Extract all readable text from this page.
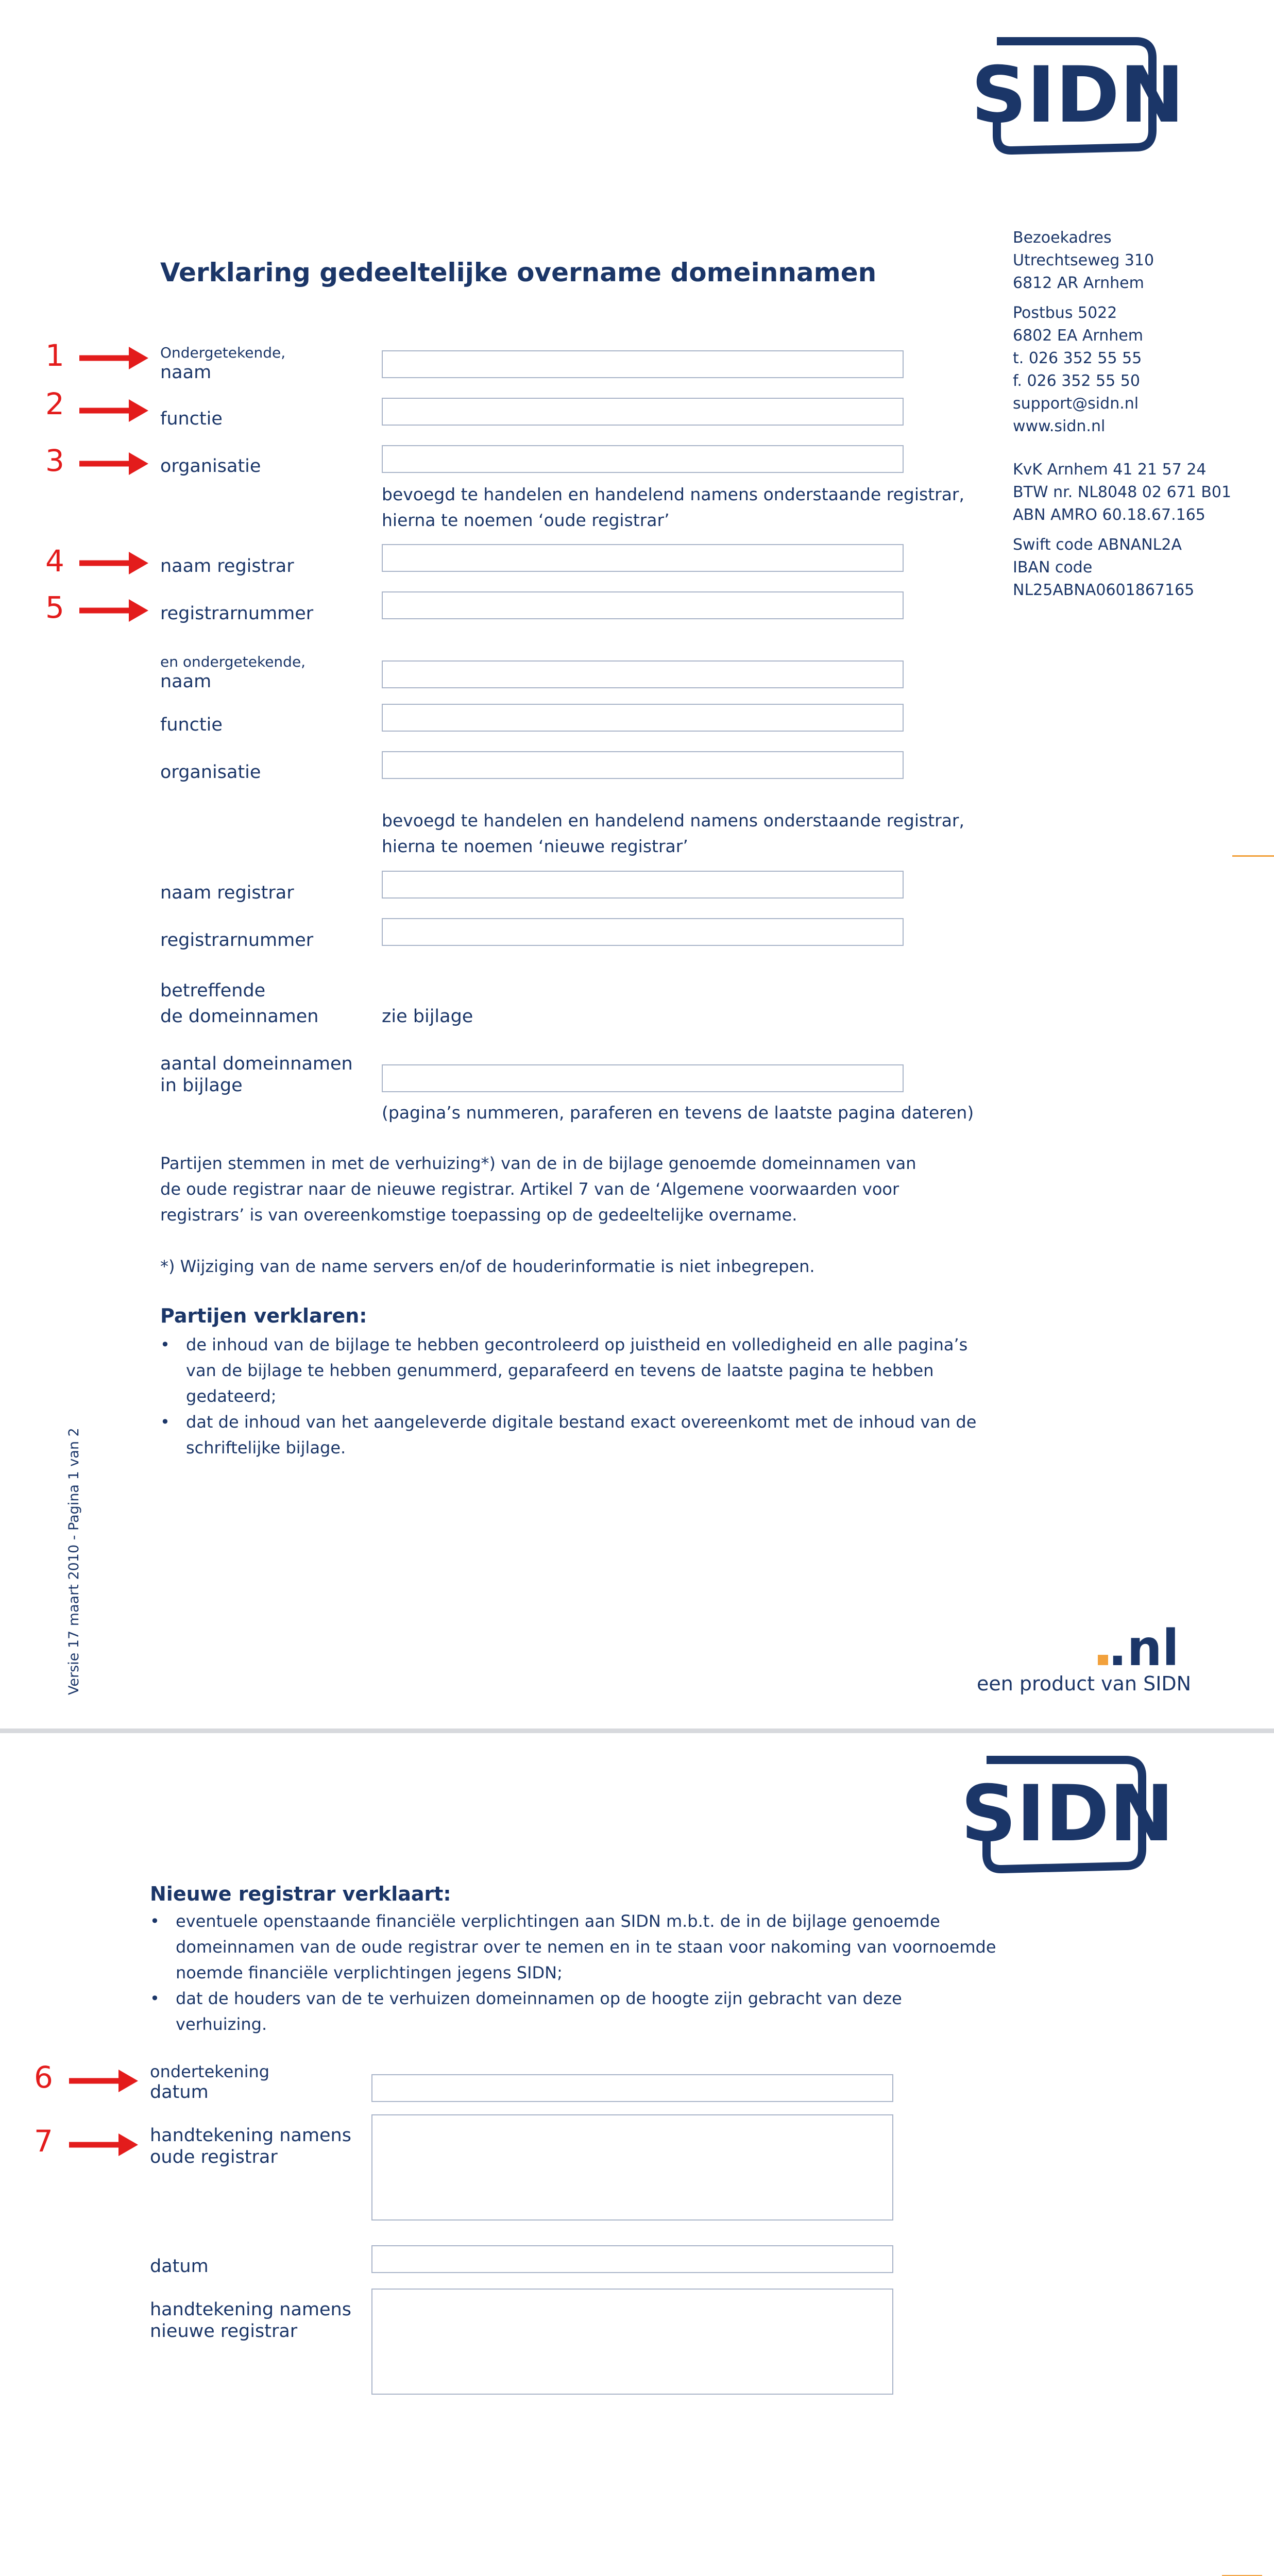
SIDN
Verklaring gedeeltelijke overname domeinnamen
Bezoekadres
Utrechtseweg 310
6812 AR Arnhem
Postbus 5022
6802 EA Arnhem
t. 026 352 55 55
f. 026 352 55 50
support@sidn.nl
www.sidn.nl
KvK Arnhem 41 21 57 24
BTW nr. NL8048 02 671 B01
ABN AMRO 60.18.67.165
Swift code ABNANL2A
IBAN code
NL25ABNA0601867165
1
2
3
4
5
Ondergetekende,
naam
functie
organisatie
bevoegd te handelen en handelend namens onderstaande registrar,
hierna te noemen ‘oude registrar’
naam registrar
registrarnummer
en ondergetekende,
naam
functie
organisatie
bevoegd te handelen en handelend namens onderstaande registrar,
hierna te noemen ‘nieuwe registrar’
naam registrar
registrarnummer
betreffende
de domeinnamen	zie bijlage
aantal domeinnamen
in bijlage
(pagina’s nummeren, paraferen en tevens de laatste pagina dateren)
Partijen stemmen in met de verhuizing*) van de in de bijlage genoemde domeinnamen van
de oude registrar naar de nieuwe registrar. Artikel 7 van de ‘Algemene voorwaarden voor
registrars’ is van overeenkomstige toepassing op de gedeeltelijke overname.
*) Wijziging van de name servers en/of de houderinformatie is niet inbegrepen.
Partijen verklaren:
• de inhoud van de bijlage te hebben gecontroleerd op juistheid en volledigheid en alle pagina’s
van de bijlage te hebben genummerd, geparafeerd en tevens de laatste pagina te hebben
gedateerd;
• dat de inhoud van het aangeleverde digitale bestand exact overeenkomt met de inhoud van de
schriftelijke bijlage.
Versie 17 maart 2010 - Pagina 1 van 2	.nl
een product van SIDN
SIDN
Nieuwe registrar verklaart:
• eventuele openstaande financiële verplichtingen aan SIDN m.b.t. de in de bijlage genoemde
domeinnamen van de oude registrar over te nemen en in te staan voor nakoming van voornoemde
noemde financiële verplichtingen jegens SIDN;
• dat de houders van de te verhuizen domeinnamen op de hoogte zijn gebracht van deze
verhuizing.
6
7
ondertekening
datum
handtekening namens
oude registrar
datum
handtekening namens
nieuwe registrar
